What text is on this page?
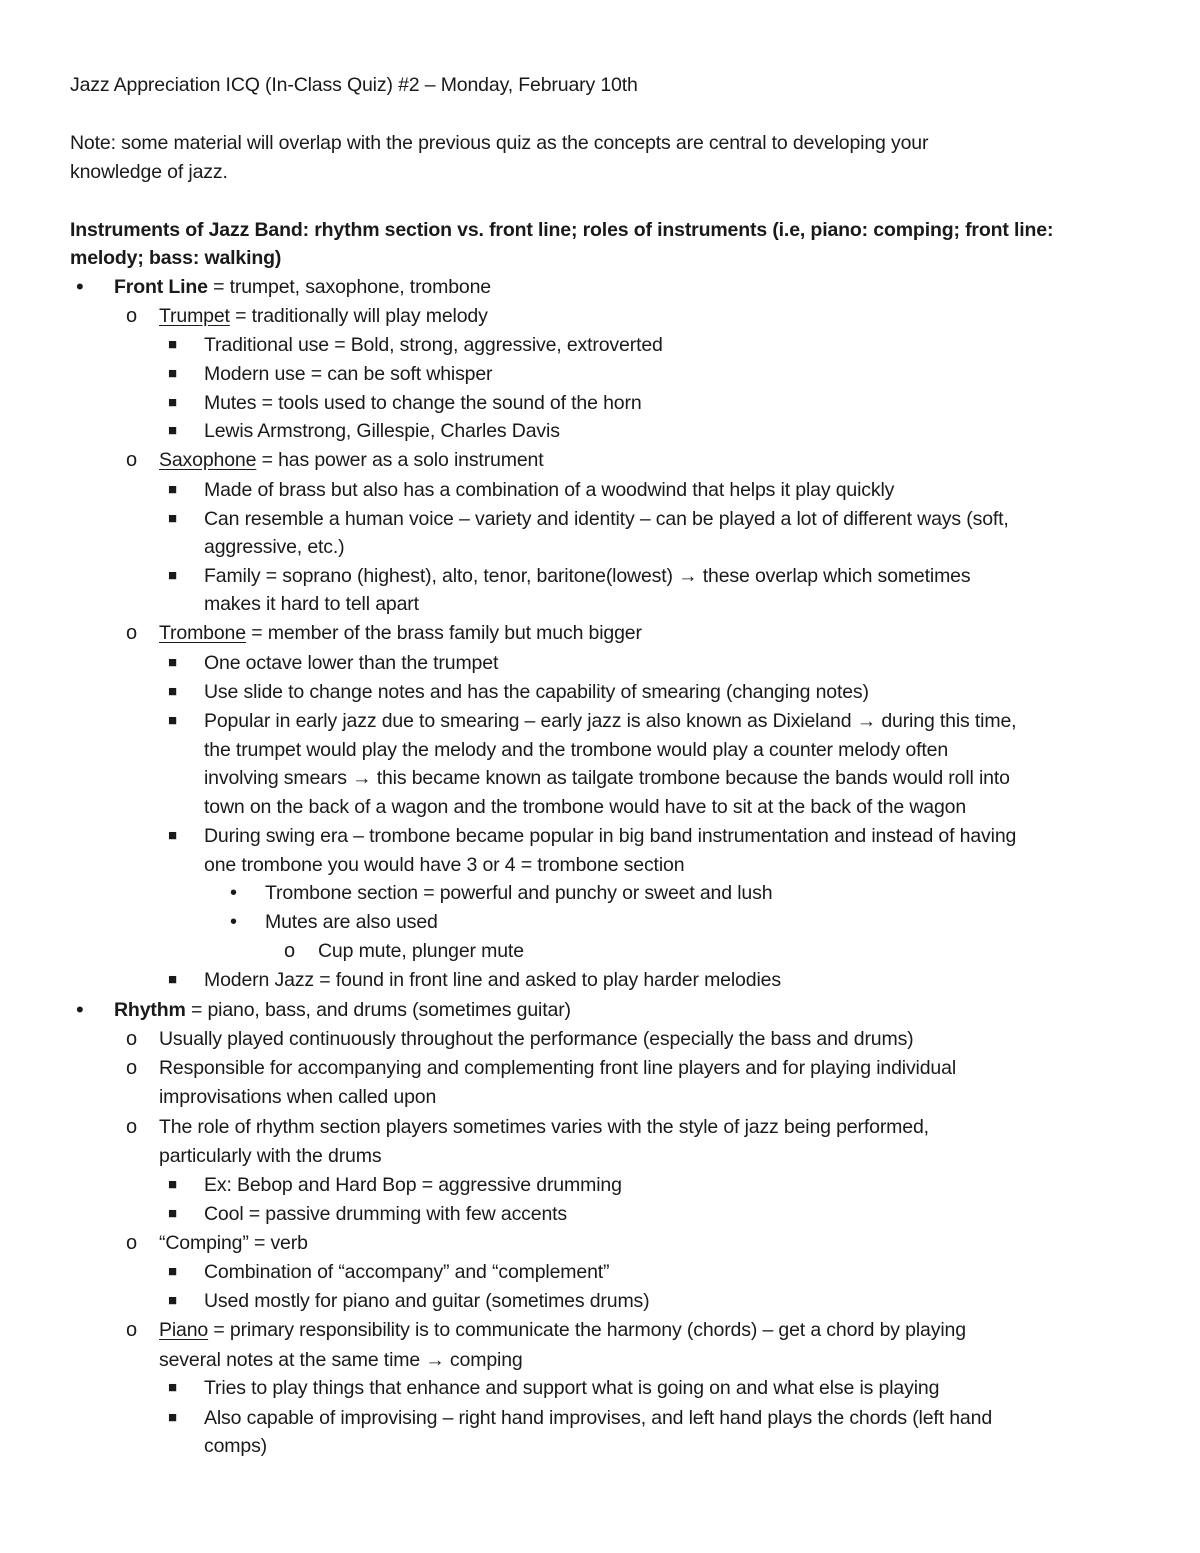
Jazz Appreciation ICQ (In-Class Quiz) #2 – Monday, February 10th
Note: some material will overlap with the previous quiz as the concepts are central to developing your
knowledge of jazz.
Instruments of Jazz Band: rhythm section vs. front line; roles of instruments (i.e, piano: comping; front line:
melody; bass: walking)
• Front Line = trumpet, saxophone, trombone
o Trumpet = traditionally will play melody
■ Traditional use = Bold, strong, aggressive, extroverted
■ Modern use = can be soft whisper
■ Mutes = tools used to change the sound of the horn
■ Lewis Armstrong, Gillespie, Charles Davis
o Saxophone = has power as a solo instrument
■ Made of brass but also has a combination of a woodwind that helps it play quickly
■ Can resemble a human voice – variety and identity – can be played a lot of different ways (soft,
aggressive, etc.)
■ Family = soprano (highest), alto, tenor, baritone(lowest) → these overlap which sometimes
makes it hard to tell apart
o Trombone = member of the brass family but much bigger
■ One octave lower than the trumpet
■ Use slide to change notes and has the capability of smearing (changing notes)
■ Popular in early jazz due to smearing – early jazz is also known as Dixieland → during this time,
the trumpet would play the melody and the trombone would play a counter melody often
involving smears → this became known as tailgate trombone because the bands would roll into
town on the back of a wagon and the trombone would have to sit at the back of the wagon
■ During swing era – trombone became popular in big band instrumentation and instead of having
one trombone you would have 3 or 4 = trombone section
• Trombone section = powerful and punchy or sweet and lush
• Mutes are also used
o Cup mute, plunger mute
■ Modern Jazz = found in front line and asked to play harder melodies
• Rhythm = piano, bass, and drums (sometimes guitar)
o Usually played continuously throughout the performance (especially the bass and drums)
o Responsible for accompanying and complementing front line players and for playing individual
improvisations when called upon
o The role of rhythm section players sometimes varies with the style of jazz being performed,
particularly with the drums
■ Ex: Bebop and Hard Bop = aggressive drumming
■ Cool = passive drumming with few accents
o “Comping” = verb
■ Combination of “accompany” and “complement”
■ Used mostly for piano and guitar (sometimes drums)
o Piano = primary responsibility is to communicate the harmony (chords) – get a chord by playing
several notes at the same time → comping
■ Tries to play things that enhance and support what is going on and what else is playing
■ Also capable of improvising – right hand improvises, and left hand plays the chords (left hand
comps)
